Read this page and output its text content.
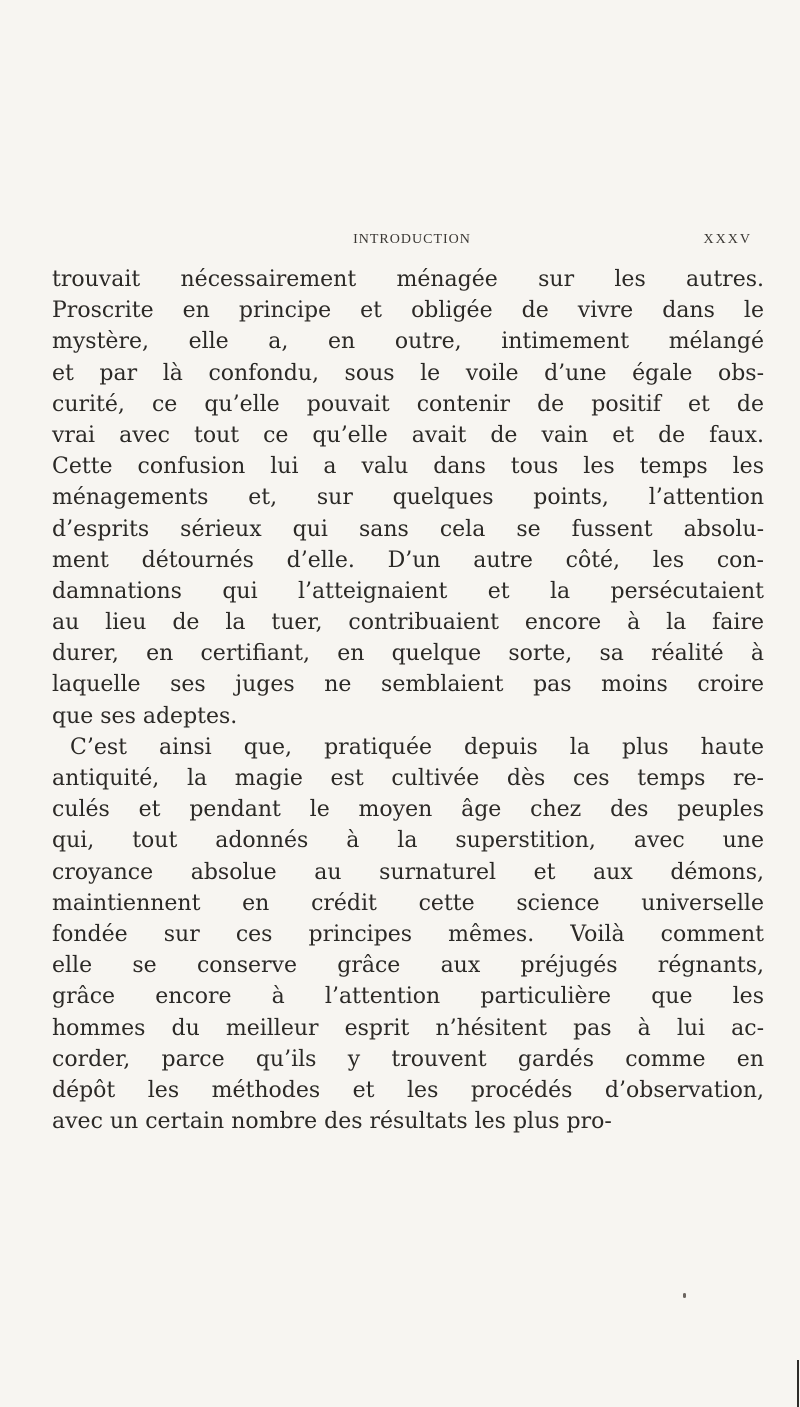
INTRODUCTION	XXXV
trouvait nécessairement ménagée sur les autres.
Proscrite en principe et obligée de vivre dans le
mystère, elle a, en outre, intimement mélangé
et par là confondu, sous le voile d’une égale obs-
curité, ce qu’elle pouvait contenir de positif et de
vrai avec tout ce qu’elle avait de vain et de faux.
Cette confusion lui a valu dans tous les temps les
ménagements et, sur quelques points, l’attention
d’esprits sérieux qui sans cela se fussent absolu-
ment détournés d’elle. D’un autre côté, les con-
damnations qui l’atteignaient et la persécutaient
au lieu de la tuer, contribuaient encore à la faire
durer, en certifiant, en quelque sorte, sa réalité à
laquelle ses juges ne semblaient pas moins croire
que ses adeptes.
C’est ainsi que, pratiquée depuis la plus haute
antiquité, la magie est cultivée dès ces temps re-
culés et pendant le moyen âge chez des peuples
qui, tout adonnés à la superstition, avec une
croyance absolue au surnaturel et aux démons,
maintiennent en crédit cette science universelle
fondée sur ces principes mêmes. Voilà comment
elle se conserve grâce aux préjugés régnants,
grâce encore à l’attention particulière que les
hommes du meilleur esprit n’hésitent pas à lui ac-
corder, parce qu’ils y trouvent gardés comme en
dépôt les méthodes et les procédés d’observation,
avec un certain nombre des résultats les plus pro-
